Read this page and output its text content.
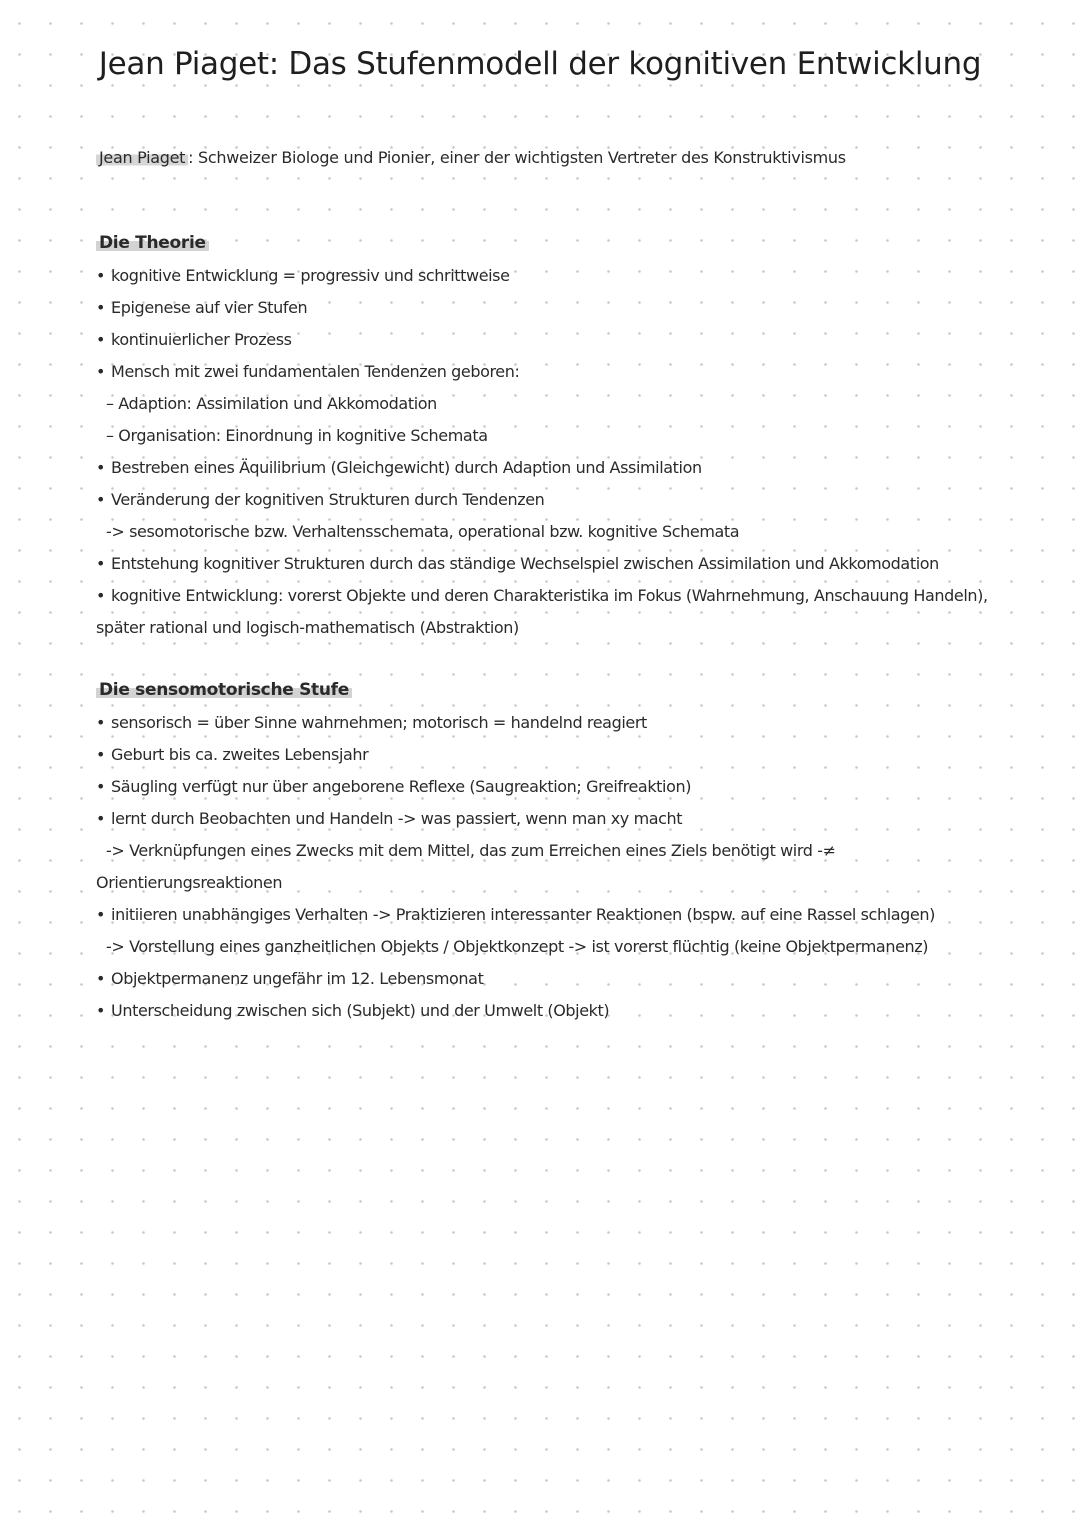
Jean Piaget: Das Stufenmodell der kognitiven Entwicklung
Jean Piaget : Schweizer Biologe und Pionier, einer der wichtigsten Vertreter des Konstruktivismus
Die Theorie
• kognitive Entwicklung = progressiv und schrittweise
• Epigenese auf vier Stufen
• kontinuierlicher Prozess
• Mensch mit zwei fundamentalen Tendenzen geboren:
– Adaption: Assimilation und Akkomodation
– Organisation: Einordnung in kognitive Schemata
• Bestreben eines Äquilibrium (Gleichgewicht) durch Adaption und Assimilation
• Veränderung der kognitiven Strukturen durch Tendenzen
-> sesomotorische bzw. Verhaltensschemata, operational bzw. kognitive Schemata
• Entstehung kognitiver Strukturen durch das ständige Wechselspiel zwischen Assimilation und Akkomodation
• kognitive Entwicklung: vorerst Objekte und deren Charakteristika im Fokus (Wahrnehmung, Anschauung Handeln),
später rational und logisch-mathematisch (Abstraktion)
Die sensomotorische Stufe
• sensorisch = über Sinne wahrnehmen; motorisch = handelnd reagiert
• Geburt bis ca. zweites Lebensjahr
• Säugling verfügt nur über angeborene Reflexe (Saugreaktion; Greifreaktion)
• lernt durch Beobachten und Handeln -> was passiert, wenn man xy macht
-> Verknüpfungen eines Zwecks mit dem Mittel, das zum Erreichen eines Ziels benötigt wird -≠
Orientierungsreaktionen
• initiieren unabhängiges Verhalten -> Praktizieren interessanter Reaktionen (bspw. auf eine Rassel schlagen)
-> Vorstellung eines ganzheitlichen Objekts / Objektkonzept -> ist vorerst flüchtig (keine Objektpermanenz)
• Objektpermanenz ungefähr im 12. Lebensmonat
• Unterscheidung zwischen sich (Subjekt) und der Umwelt (Objekt)
